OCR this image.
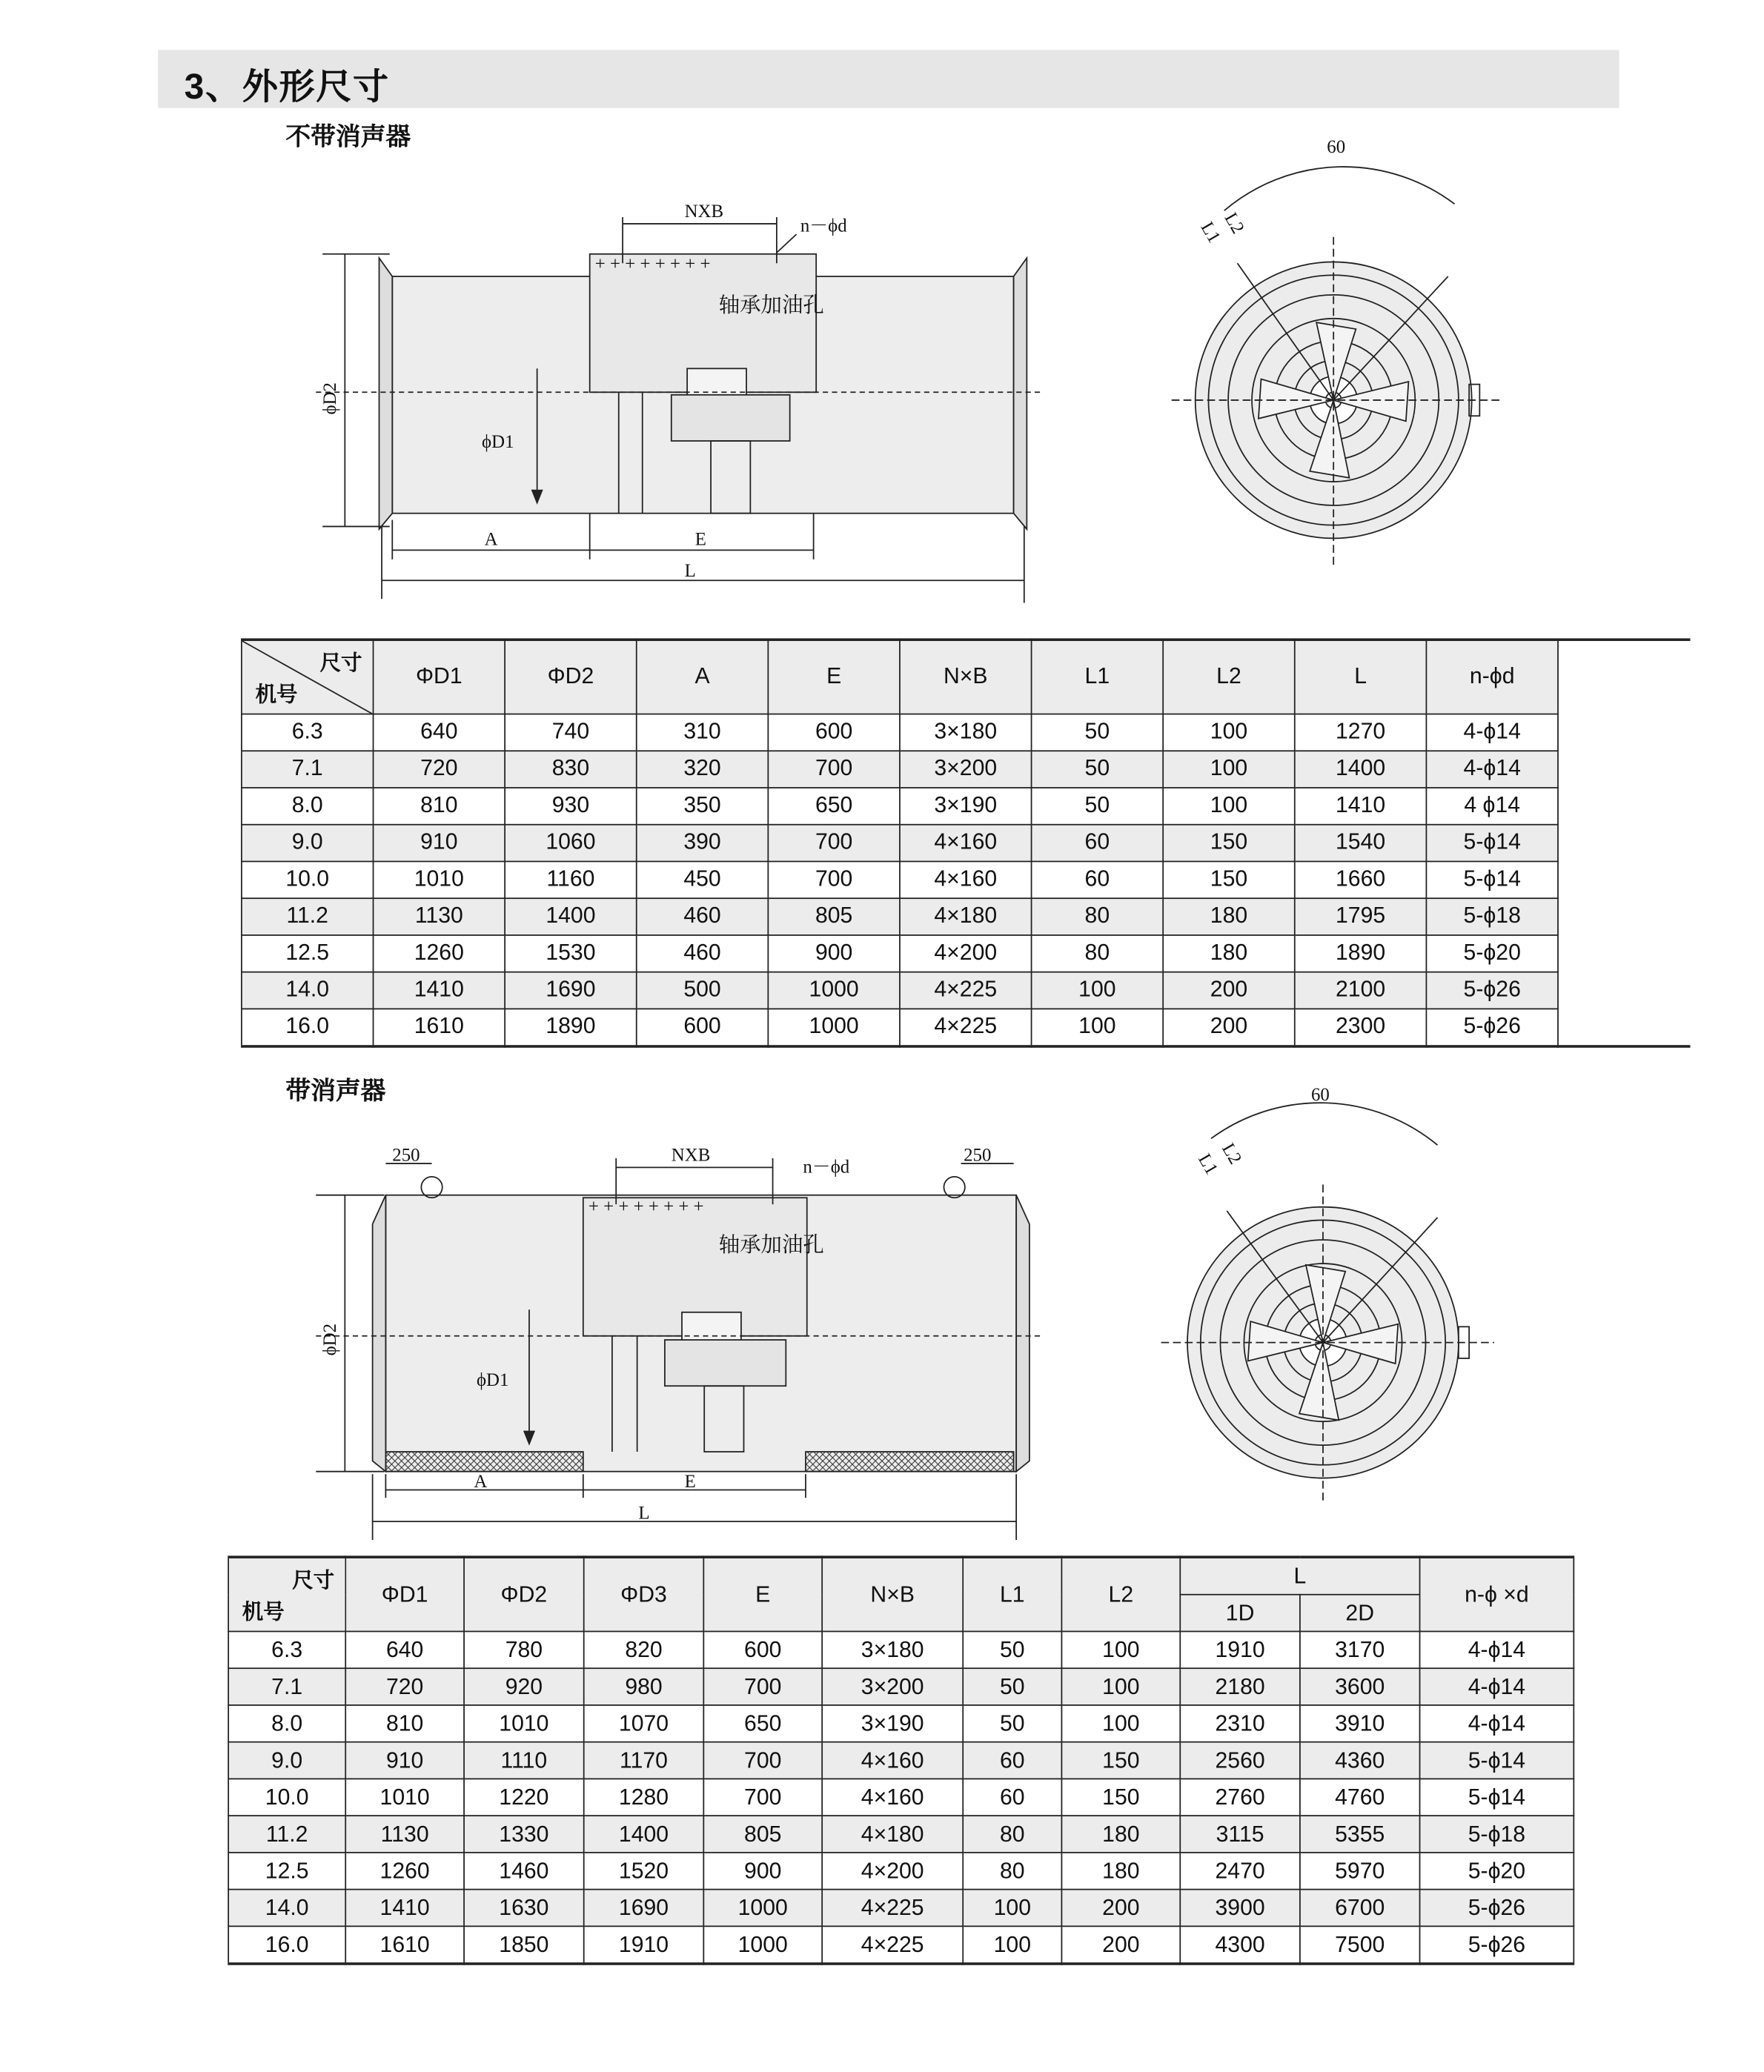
3、外形尺寸
不带消声器
+ + + + + + + +
NXB
n－ϕd
轴承加油孔
ϕD2
ϕD1
A	E
L
60
L2
L1
尺寸
机号	ΦD1	ΦD2	A	E	N×B	L1	L2	L	n-ϕd
6.3	640	740	310	600	3×180	50	100	1270	4-ϕ14
7.1	720	830	320	700	3×200	50	100	1400	4-ϕ14
8.0	810	930	350	650	3×190	50	100	1410	4 ϕ14
9.0	910	1060	390	700	4×160	60	150	1540	5-ϕ14
10.0	1010	1160	450	700	4×160	60	150	1660	5-ϕ14
11.2	1130	1400	460	805	4×180	80	180	1795	5-ϕ18
12.5	1260	1530	460	900	4×200	80	180	1890	5-ϕ20
14.0	1410	1690	500	1000	4×225	100	200	2100	5-ϕ26
16.0	1610	1890	600	1000	4×225	100	200	2300	5-ϕ26
带消声器
+ + + + + + + +
NXB
n－ϕd
轴承加油孔
250	250
ϕD2
ϕD1
A	E
L
60
L2
L1
尺寸
机号	ΦD1	ΦD2	ΦD3	E	N×B	L1	L2	L		n-ϕ ×d
								1D	2D	
6.3	640	780	820	600	3×180	50	100	1910	3170	4-ϕ14
7.1	720	920	980	700	3×200	50	100	2180	3600	4-ϕ14
8.0	810	1010	1070	650	3×190	50	100	2310	3910	4-ϕ14
9.0	910	1110	1170	700	4×160	60	150	2560	4360	5-ϕ14
10.0	1010	1220	1280	700	4×160	60	150	2760	4760	5-ϕ14
11.2	1130	1330	1400	805	4×180	80	180	3115	5355	5-ϕ18
12.5	1260	1460	1520	900	4×200	80	180	2470	5970	5-ϕ20
14.0	1410	1630	1690	1000	4×225	100	200	3900	6700	5-ϕ26
16.0	1610	1850	1910	1000	4×225	100	200	4300	7500	5-ϕ26
